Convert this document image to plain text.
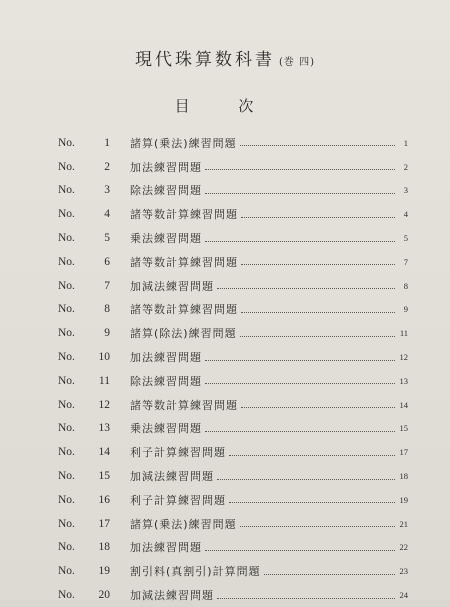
現代珠算数科書 (巻 四)
目 次
No.	1 諸算(乗法)練習問題	1
No.	2 加法練習問題	2
No.	3 除法練習問題	3
No.	4 諸等数計算練習問題	4
No.	5 乗法練習問題	5
No.	6 諸等数計算練習問題	7
No.	7 加減法練習問題	8
No.	8 諸等数計算練習問題	9
No.	9 諸算(除法)練習問題	11
No. 10 加法練習問題	12
No. 11 除法練習問題	13
No. 12 諸等数計算練習問題	14
No. 13 乗法練習問題	15
No. 14 利子計算練習問題	17
No. 15 加減法練習問題	18
No. 16 利子計算練習問題	19
No. 17 諸算(乗法)練習問題	21
No. 18 加法練習問題	22
No. 19 割引料(真割引)計算問題	23
No. 20 加減法練習問題	24
